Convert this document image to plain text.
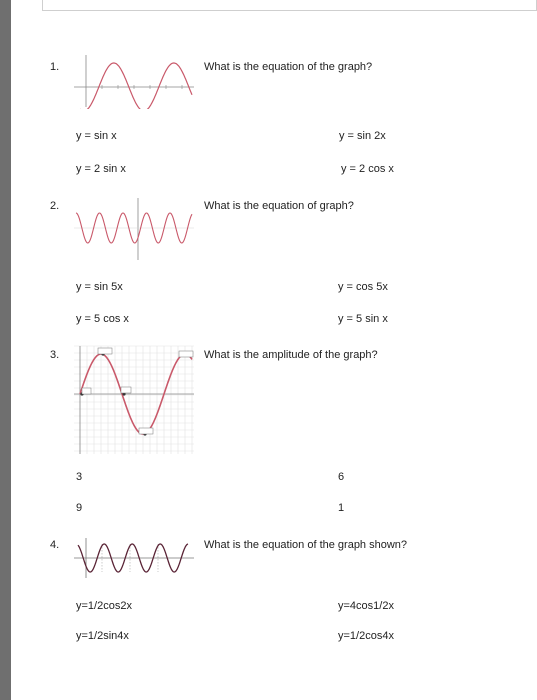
1.	What is the equation of the graph?
y = sin x	y = sin 2x
y = 2 sin x	y = 2 cos x
2.	What is the equation of graph?
y = sin 5x	y = cos 5x
y = 5 cos x	y = 5 sin x
3.	What is the amplitude of the graph?
3	6
9	1
4.	What is the equation of the graph shown?
y=1/2cos2x	y=4cos1/2x
y=1/2sin4x	y=1/2cos4x
